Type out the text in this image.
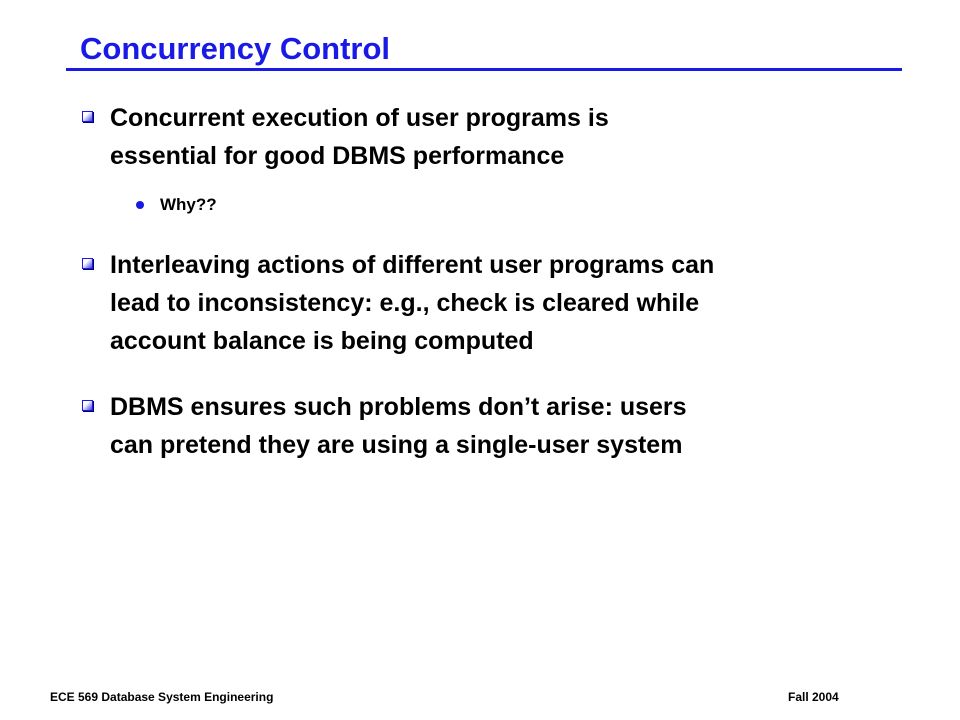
Concurrency Control
Concurrent execution of user programs is
essential for good DBMS performance
Why??
Interleaving actions of different user programs can
lead to inconsistency: e.g., check is cleared while
account balance is being computed
DBMS ensures such problems don’t arise: users
can pretend they are using a single-user system
ECE 569 Database System Engineering	Fall 2004
